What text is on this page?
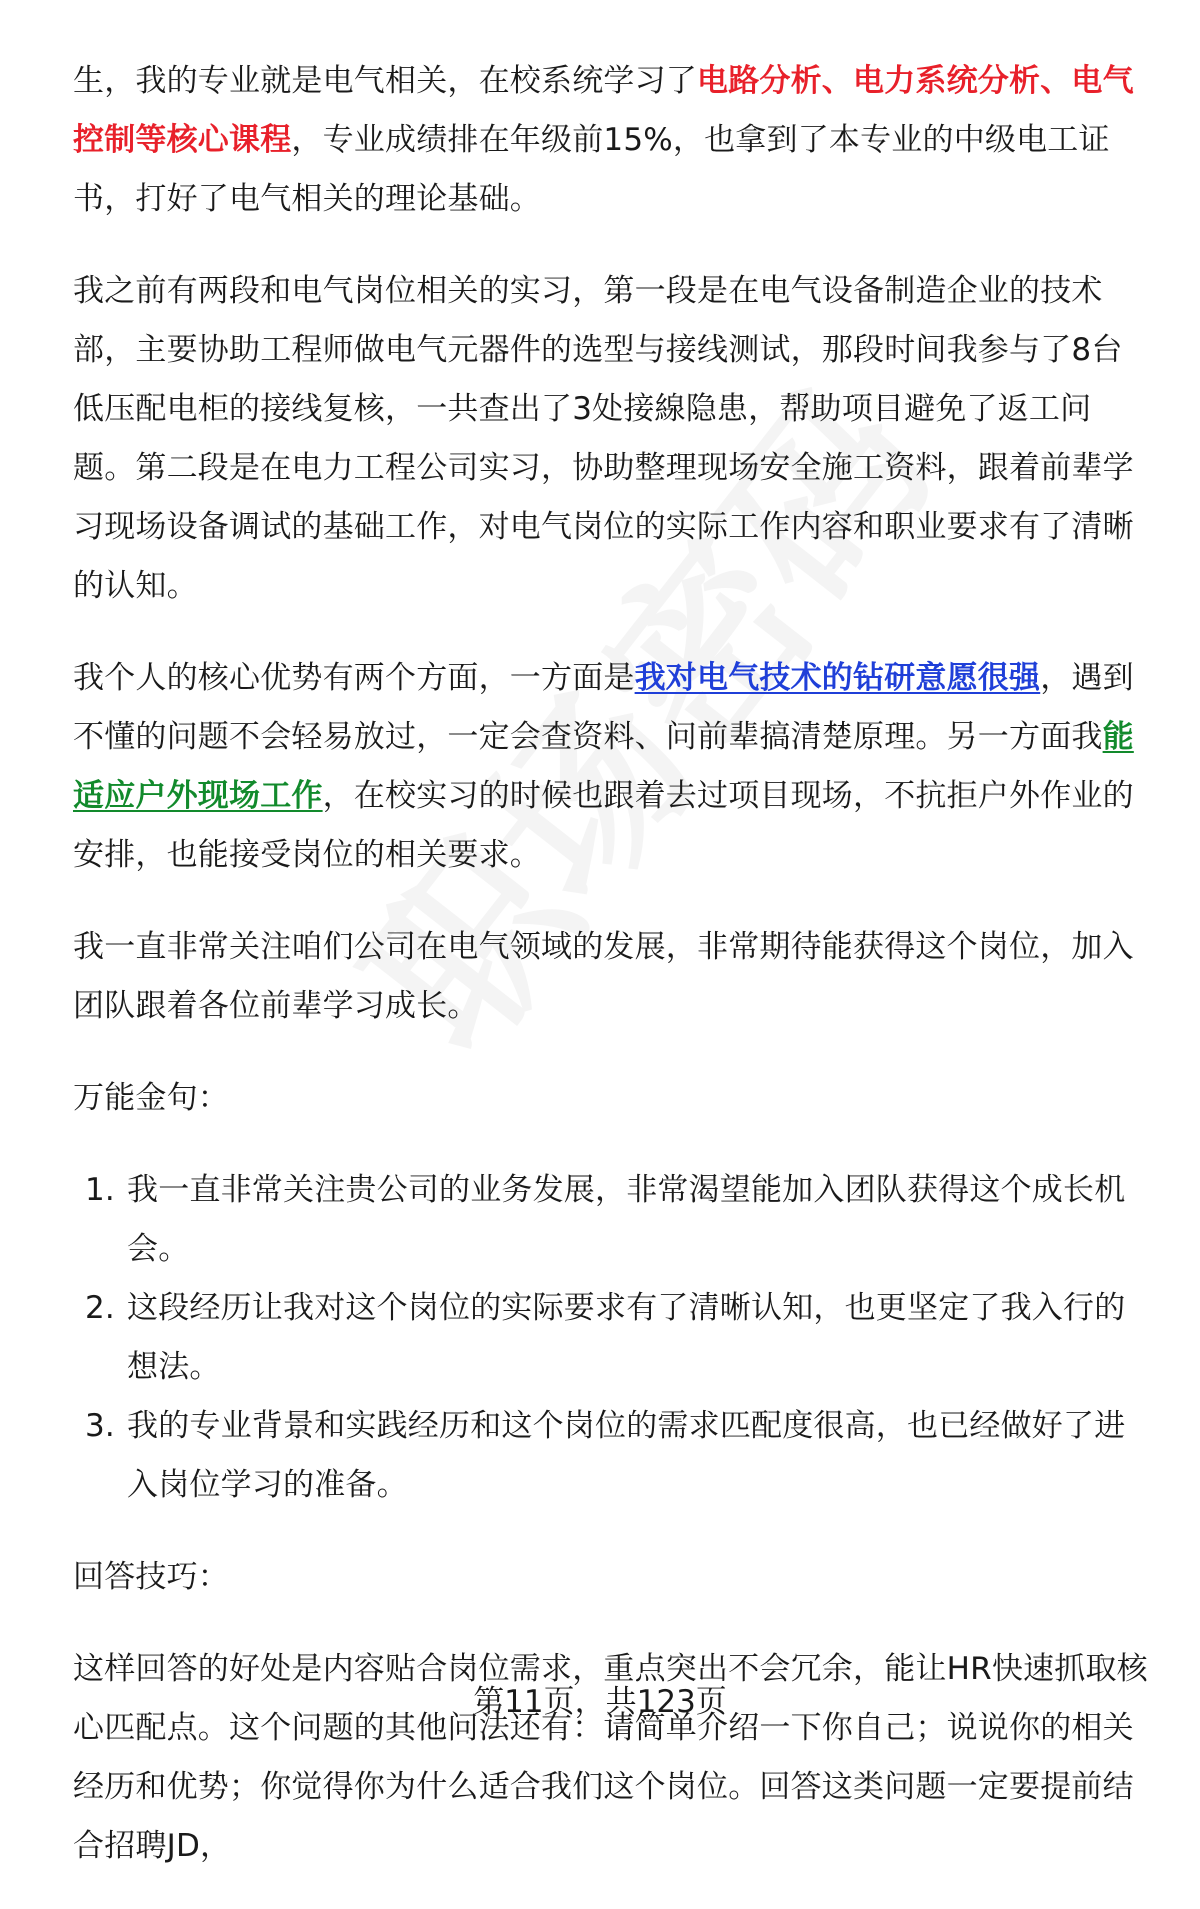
生，我的专业就是电气相关，在校系统学习了电路分析、电力系统分析、电气控制等核心课程，专业成绩排在年级前15%，也拿到了本专业的中级电工证书，打好了电气相关的理论基础。

我之前有两段和电气岗位相关的实习，第一段是在电气设备制造企业的技术部，主要协助工程师做电气元器件的选型与接线测试，那段时间我参与了8台低压配电柜的接线复核，一共查出了3处接線隐患，帮助项目避免了返工问题。第二段是在电力工程公司实习，协助整理现场安全施工资料，跟着前辈学习现场设备调试的基础工作，对电气岗位的实际工作内容和职业要求有了清晰的认知。

我个人的核心优势有两个方面，一方面是我对电气技术的钻研意愿很强，遇到不懂的问题不会轻易放过，一定会查资料、问前辈搞清楚原理。另一方面我能适应户外现场工作，在校实习的时候也跟着去过项目现场，不抗拒户外作业的安排，也能接受岗位的相关要求。

我一直非常关注咱们公司在电气领域的发展，非常期待能获得这个岗位，加入团队跟着各位前辈学习成长。

万能金句：

1. 我一直非常关注贵公司的业务发展，非常渴望能加入团队获得这个成长机会。
2. 这段经历让我对这个岗位的实际要求有了清晰认知，也更坚定了我入行的想法。
3. 我的专业背景和实践经历和这个岗位的需求匹配度很高，也已经做好了进入岗位学习的准备。

回答技巧：

这样回答的好处是内容贴合岗位需求，重点突出不会冗余，能让HR快速抓取核心匹配点。这个问题的其他问法还有：请简单介绍一下你自己；说说你的相关经历和优势；你觉得你为什么适合我们这个岗位。回答这类问题一定要提前结合招聘JD，

第11页，共123页
